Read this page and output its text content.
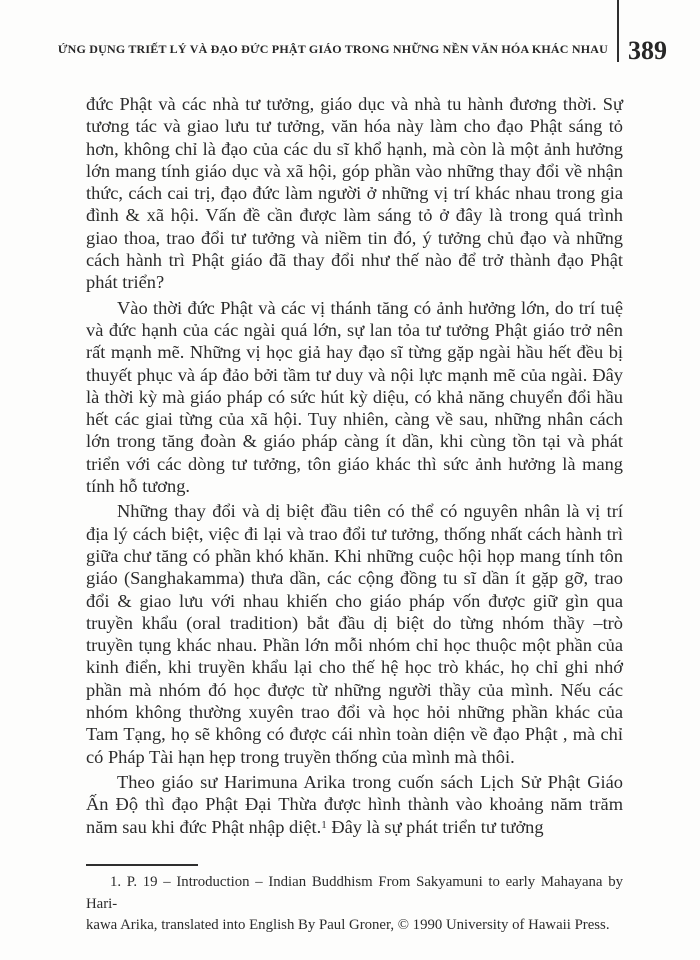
ỨNG DỤNG TRIẾT LÝ VÀ ĐẠO ĐỨC PHẬT GIÁO TRONG NHỮNG NỀN VĂN HÓA KHÁC NHAU 389

đức Phật và các nhà tư tưởng, giáo dục và nhà tu hành đương thời. Sự tương tác và giao lưu tư tưởng, văn hóa này làm cho đạo Phật sáng tỏ hơn, không chỉ là đạo của các du sĩ khổ hạnh, mà còn là một ảnh hưởng lớn mang tính giáo dục và xã hội, góp phần vào những thay đổi về nhận thức, cách cai trị, đạo đức làm người ở những vị trí khác nhau trong gia đình & xã hội. Vấn đề cần được làm sáng tỏ ở đây là trong quá trình giao thoa, trao đổi tư tưởng và niềm tin đó, ý tưởng chủ đạo và những cách hành trì Phật giáo đã thay đổi như thế nào để trở thành đạo Phật phát triển?

Vào thời đức Phật và các vị thánh tăng có ảnh hưởng lớn, do trí tuệ và đức hạnh của các ngài quá lớn, sự lan tỏa tư tưởng Phật giáo trở nên rất mạnh mẽ. Những vị học giả hay đạo sĩ từng gặp ngài hầu hết đều bị thuyết phục và áp đảo bởi tầm tư duy và nội lực mạnh mẽ của ngài. Đây là thời kỳ mà giáo pháp có sức hút kỳ diệu, có khả năng chuyển đổi hầu hết các giai từng của xã hội. Tuy nhiên, càng về sau, những nhân cách lớn trong tăng đoàn & giáo pháp càng ít dần, khi cùng tồn tại và phát triển với các dòng tư tưởng, tôn giáo khác thì sức ảnh hưởng là mang tính hỗ tương.

Những thay đổi và dị biệt đầu tiên có thể có nguyên nhân là vị trí địa lý cách biệt, việc đi lại và trao đổi tư tưởng, thống nhất cách hành trì giữa chư tăng có phần khó khăn. Khi những cuộc hội họp mang tính tôn giáo (Sanghakamma) thưa dần, các cộng đồng tu sĩ dần ít gặp gỡ, trao đổi & giao lưu với nhau khiến cho giáo pháp vốn được giữ gìn qua truyền khẩu (oral tradition) bắt đầu dị biệt do từng nhóm thầy –trò truyền tụng khác nhau. Phần lớn mỗi nhóm chỉ học thuộc một phần của kinh điển, khi truyền khẩu lại cho thế hệ học trò khác, họ chỉ ghi nhớ phần mà nhóm đó học được từ những người thầy của mình. Nếu các nhóm không thường xuyên trao đổi và học hỏi những phần khác của Tam Tạng, họ sẽ không có được cái nhìn toàn diện về đạo Phật , mà chỉ có Pháp Tài hạn hẹp trong truyền thống của mình mà thôi.

Theo giáo sư Harimuna Arika trong cuốn sách Lịch Sử Phật Giáo Ấn Độ thì đạo Phật Đại Thừa được hình thành vào khoảng năm trăm năm sau khi đức Phật nhập diệt.$^1$ Đây là sự phát triển tư tưởng

1. P. 19 – Introduction – Indian Buddhism From Sakyamuni to early Mahayana by Hari-
kawa Arika, translated into English By Paul Groner, © 1990 University of Hawaii Press.
